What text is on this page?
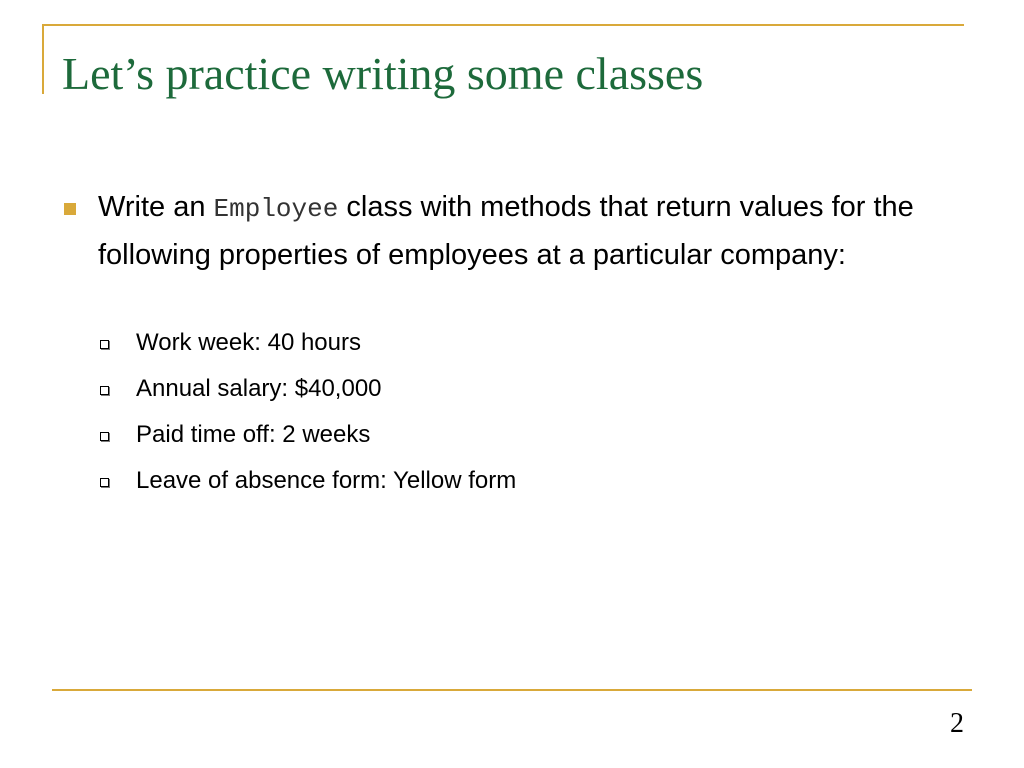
Let’s practice writing some classes
Write an Employee class with methods that return values for the following properties of employees at a particular company:
Work week: 40 hours
Annual salary: $40,000
Paid time off: 2 weeks
Leave of absence form: Yellow form
2
